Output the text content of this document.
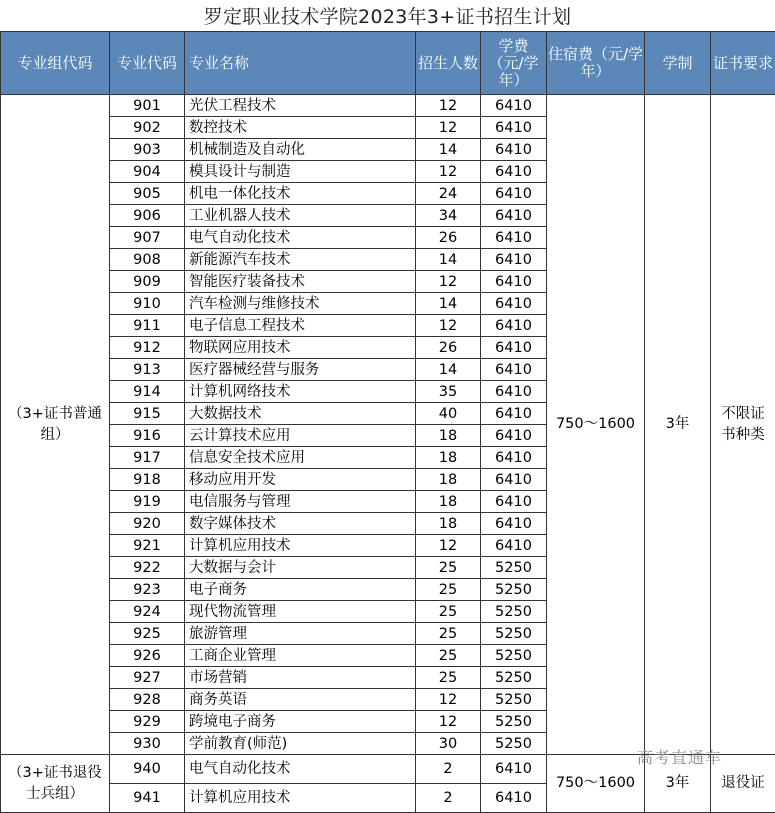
罗定职业技术学院2023年3+证书招生计划
专业组代码	专业代码	专业名称	招生人数	学费（元/学年）	住宿费（元/学年）	学制	证书要求
（3+证书普通组）	901	光伏工程技术	12	6410	750～1600	3年	不限证书种类
	902	数控技术	12	6410			
	903	机械制造及自动化	14	6410			
	904	模具设计与制造	12	6410			
	905	机电一体化技术	24	6410			
	906	工业机器人技术	34	6410			
	907	电气自动化技术	26	6410			
	908	新能源汽车技术	14	6410			
	909	智能医疗装备技术	12	6410			
	910	汽车检测与维修技术	14	6410			
	911	电子信息工程技术	12	6410			
	912	物联网应用技术	26	6410			
	913	医疗器械经营与服务	14	6410			
	914	计算机网络技术	35	6410			
	915	大数据技术	40	6410			
	916	云计算技术应用	18	6410			
	917	信息安全技术应用	18	6410			
	918	移动应用开发	18	6410			
	919	电信服务与管理	18	6410			
	920	数字媒体技术	18	6410			
	921	计算机应用技术	12	6410			
	922	大数据与会计	25	5250			
	923	电子商务	25	5250			
	924	现代物流管理	25	5250			
	925	旅游管理	25	5250			
	926	工商企业管理	25	5250			
	927	市场营销	25	5250			
	928	商务英语	12	5250			
	929	跨境电子商务	12	5250			
	930	学前教育(师范)	30	5250			
（3+证书退役士兵组）	940	电气自动化技术	2	6410	750～1600	3年	退役证
	941	计算机应用技术	2	6410			
高考直通车
